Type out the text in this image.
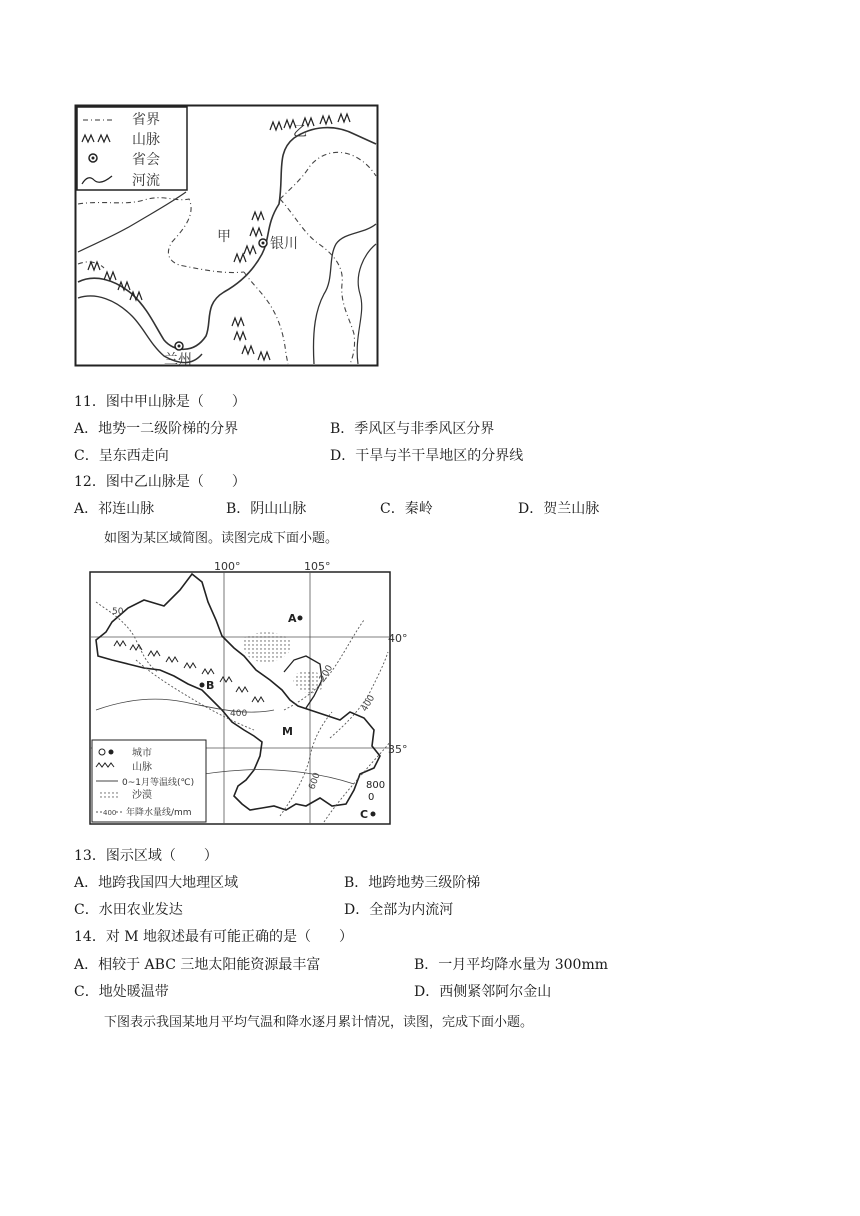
省界
山脉
省会
河流
乙
甲	银川
兰州
11．图中甲山脉是（　　）
A．地势一二级阶梯的分界	B．季风区与非季风区分界
C．呈东西走向	D．干旱与半干旱地区的分界线
12．图中乙山脉是（　　）
A．祁连山脉	B．阴山山脉	C．秦岭	D．贺兰山脉
如图为某区域简图。读图完成下面小题。
100°	105°
40°
35°
50
200
400
400
600	800
0
A
B
M
C
400
城市
山脉
0~1月等温线(℃)
沙漠
年降水量线/mm
13．图示区域（　　）
A．地跨我国四大地理区域	B．地跨地势三级阶梯
C．水田农业发达	D．全部为内流河
14．对 M 地叙述最有可能正确的是（　　）
A．相较于 ABC 三地太阳能资源最丰富	B．一月平均降水量为 300mm
C．地处暖温带	D．西侧紧邻阿尔金山
下图表示我国某地月平均气温和降水逐月累计情况，读图，完成下面小题。
